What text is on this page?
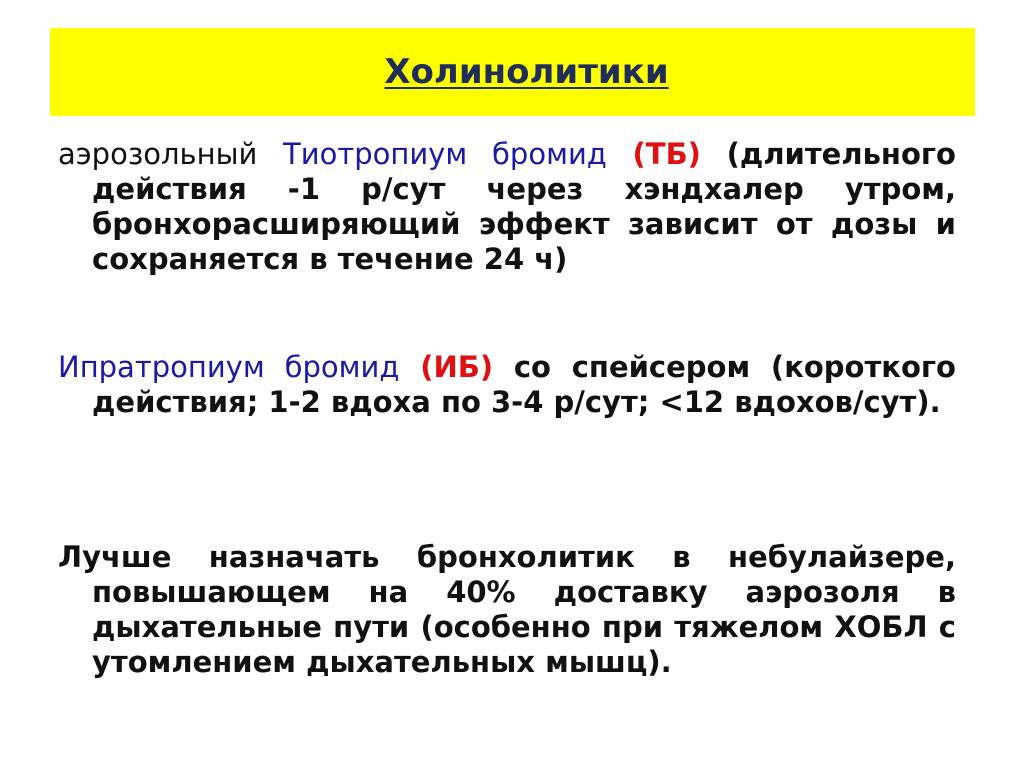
Холинолитики
аэрозольный Тиотропиум бромид (ТБ) (длительного действия -1 р/сут через хэндхалер утром, бронхорасширяющий эффект зависит от дозы и сохраняется в течение 24 ч)
Ипратропиум бромид (ИБ) со спейсером (короткого действия; 1-2 вдоха по 3-4 р/сут; <12 вдохов/сут).
Лучше назначать бронхолитик в небулайзере, повышающем на 40% доставку аэрозоля в дыхательные пути (особенно при тяжелом ХОБЛ с утомлением дыхательных мышц).
